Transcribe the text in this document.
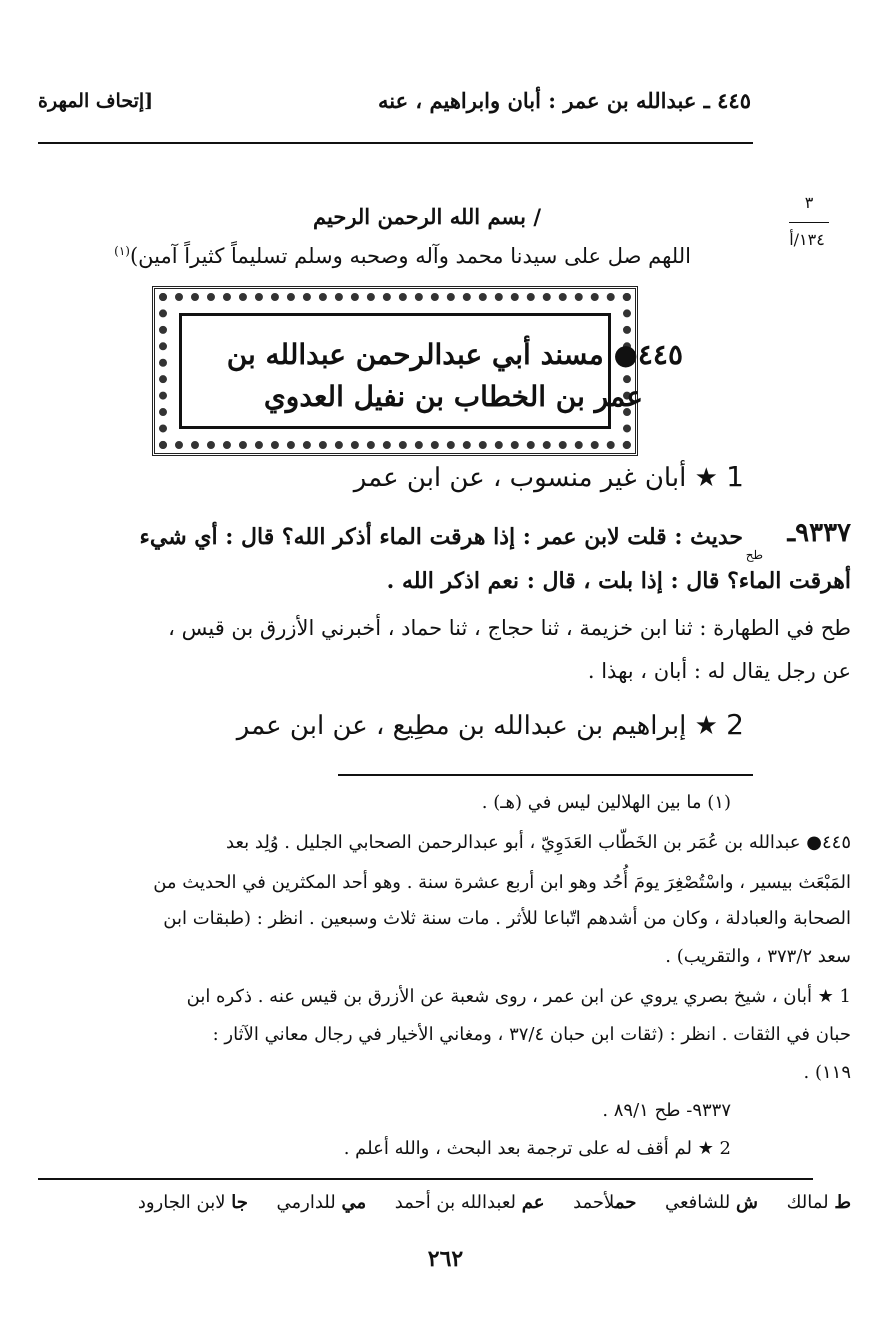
٤٤٥ ـ عبدالله بن عمر : أبان وابراهيم ، عنه
[إتحاف المهرة
٣
١٣٤/أ
/ بسم الله الرحمن الرحيم
اللهم صل على سيدنا محمد وآله وصحبه وسلم تسليماً كثيراً آمين)$^{(١)}$
٤٤٥● مسند أبي عبدالرحمن عبدالله بن
عمر بن الخطاب بن نفيل العدوي
1 ★ أبان غير منسوب ، عن ابن عمر
٩٣٣٧ـ
طح
حديث : قلت لابن عمر : إذا هرقت الماء أذكر الله؟ قال : أي شيء
أهرقت الماء؟ قال : إذا بلت ، قال : نعم اذكر الله .
طح في الطهارة : ثنا ابن خزيمة ، ثنا حجاج ، ثنا حماد ، أخبرني الأزرق بن قيس ،
عن رجل يقال له : أبان ، بهذا .
2 ★ إبراهيم بن عبدالله بن مطِيع ، عن ابن عمر
(١) ما بين الهلالين ليس في (هـ) .
٤٤٥● عبدالله بن عُمَر بن الخَطّاب العَدَوِيّ ، أبو عبدالرحمن الصحابي الجليل . وُلِد بعد
المَبْعَث بيسير ، واسْتُصْغِرَ يومَ أُحُد وهو ابن أربع عشرة سنة . وهو أحد المكثرين في الحديث من
الصحابة والعبادلة ، وكان من أشدهم اتّباعا للأثر . مات سنة ثلاث وسبعين . انظر : (طبقات ابن
سعد ٣٧٣/٢ ، والتقريب) .
1 ★ أبان ، شيخ بصري يروي عن ابن عمر ، روى شعبة عن الأزرق بن قيس عنه . ذكره ابن
حبان في الثقات . انظر : (ثقات ابن حبان ٣٧/٤ ، ومغاني الأخيار في رجال معاني الآثار :
١١٩) .
٩٣٣٧- طح ٨٩/١ .
2 ★ لم أقف له على ترجمة بعد البحث ، والله أعلم .
ط لمالك     ش للشافعي     حملأحمد     عم لعبدالله بن أحمد     مي للدارمي     جا لابن الجارود
٢٦٢
